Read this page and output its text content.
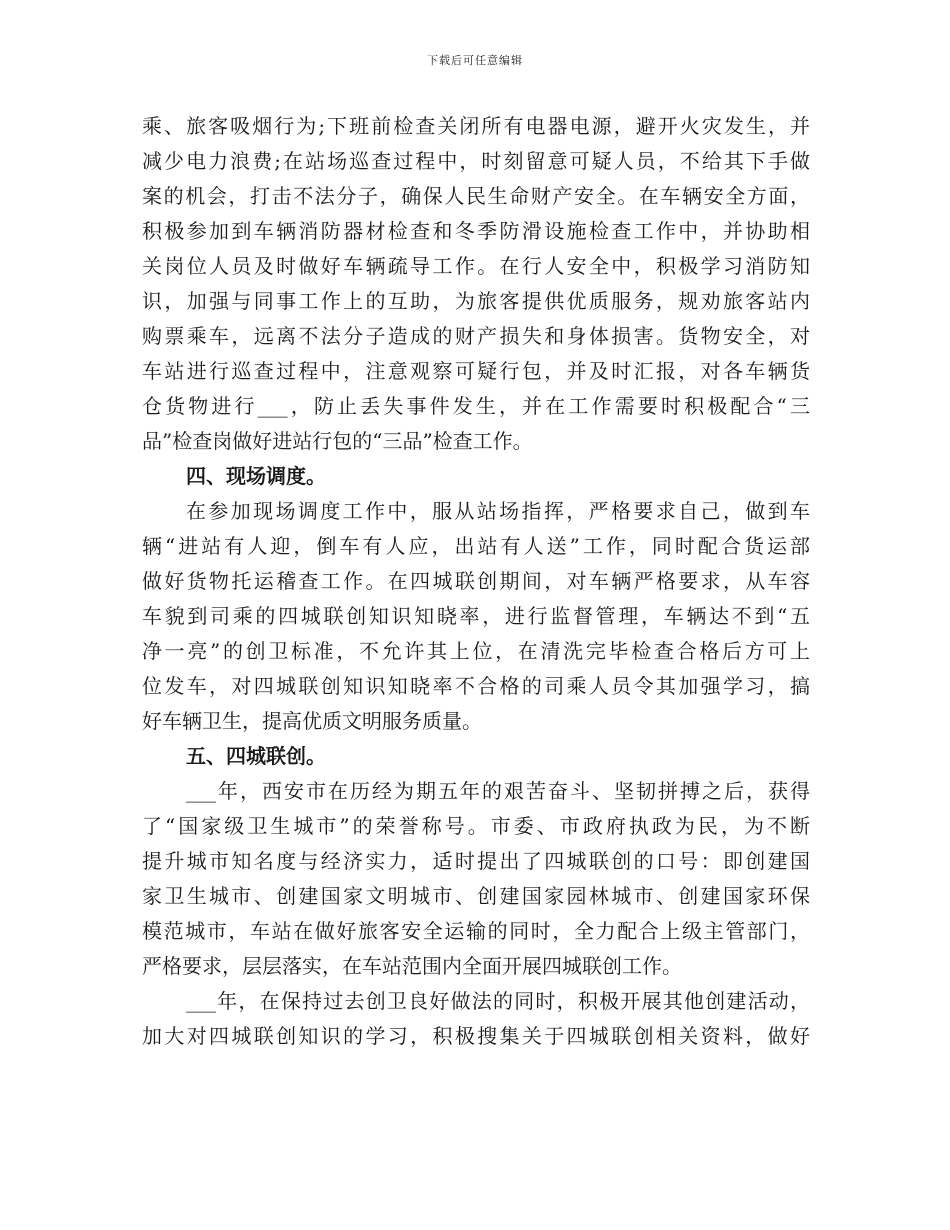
下载后可任意编辑
乘、旅客吸烟行为;下班前检查关闭所有电器电源，避开火灾发生，并
减少电力浪费;在站场巡查过程中，时刻留意可疑人员，不给其下手做
案的机会，打击不法分子，确保人民生命财产安全。在车辆安全方面，
积极参加到车辆消防器材检查和冬季防滑设施检查工作中，并协助相
关岗位人员及时做好车辆疏导工作。在行人安全中，积极学习消防知
识，加强与同事工作上的互助，为旅客提供优质服务，规劝旅客站内
购票乘车，远离不法分子造成的财产损失和身体损害。货物安全，对
车站进行巡查过程中，注意观察可疑行包，并及时汇报，对各车辆货
仓货物进行___，防止丢失事件发生，并在工作需要时积极配合“三
品”检查岗做好进站行包的“三品”检查工作。
四、现场调度。
在参加现场调度工作中，服从站场指挥，严格要求自己，做到车
辆“进站有人迎，倒车有人应，出站有人送”工作，同时配合货运部
做好货物托运稽查工作。在四城联创期间，对车辆严格要求，从车容
车貌到司乘的四城联创知识知晓率，进行监督管理，车辆达不到“五
净一亮”的创卫标准，不允许其上位，在清洗完毕检查合格后方可上
位发车，对四城联创知识知晓率不合格的司乘人员令其加强学习，搞
好车辆卫生，提高优质文明服务质量。
五、四城联创。
___年，西安市在历经为期五年的艰苦奋斗、坚韧拼搏之后，获得
了“国家级卫生城市”的荣誉称号。市委、市政府执政为民，为不断
提升城市知名度与经济实力，适时提出了四城联创的口号：即创建国
家卫生城市、创建国家文明城市、创建国家园林城市、创建国家环保
模范城市，车站在做好旅客安全运输的同时，全力配合上级主管部门，
严格要求，层层落实，在车站范围内全面开展四城联创工作。
___年，在保持过去创卫良好做法的同时，积极开展其他创建活动，
加大对四城联创知识的学习，积极搜集关于四城联创相关资料，做好
